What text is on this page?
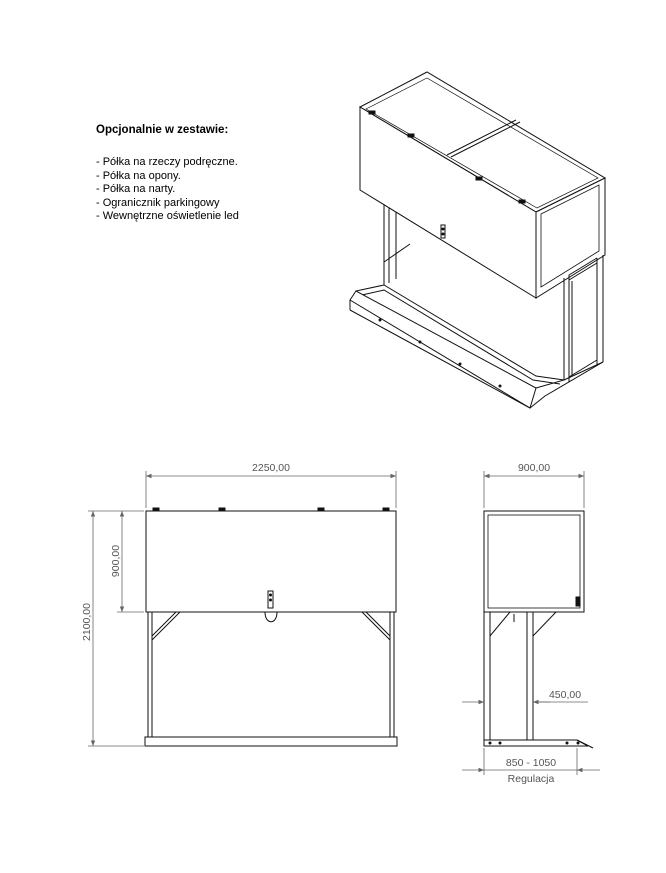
Opcjonalnie w zestawie:
- Półka na rzeczy podręczne.
- Półka na opony.
- Półka na narty.
- Ogranicznik parkingowy
- Wewnętrzne oświetlenie led
2250,00
2100,00
900,00
900,00
450,00
850 - 1050
Regulacja
